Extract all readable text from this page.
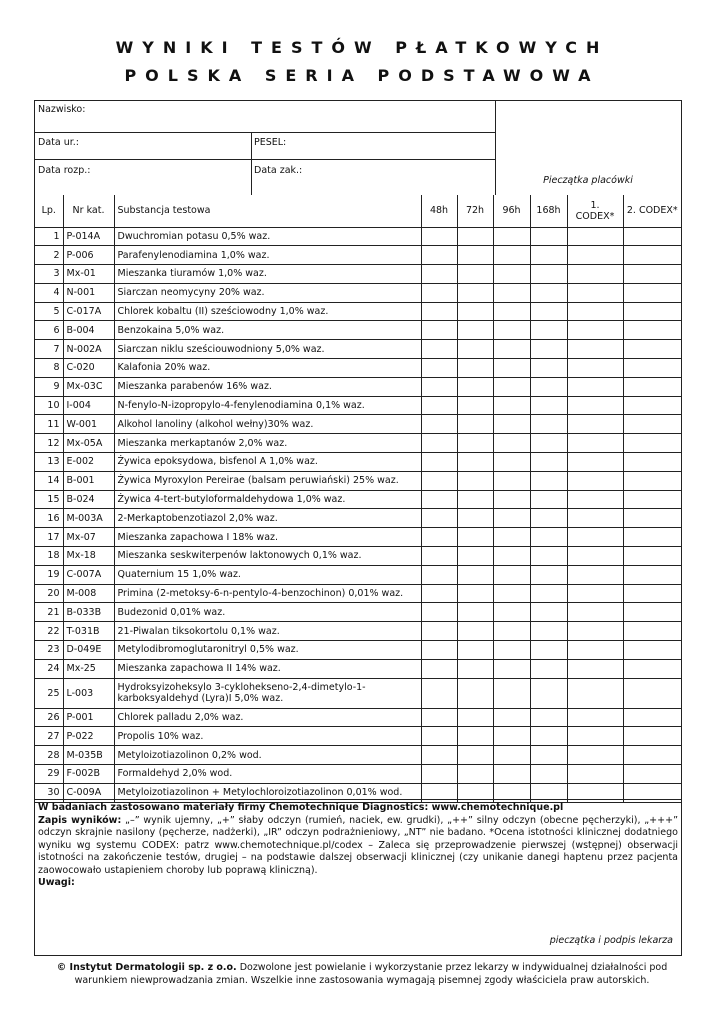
WYNIKI TESTÓW PŁATKOWYCH
POLSKA SERIA PODSTAWOWA
Nazwisko:
Data ur.:	PESEL:
Data rozp.:	Data zak.:
Pieczątka placówki
Lp.	Nr kat.	Substancja testowa	48h	72h	96h	168h	1. CODEX*	2. CODEX*
1	P-014A	Dwuchromian potasu 0,5% waz.						
2	P-006	Parafenylenodiamina 1,0% waz.						
3	Mx-01	Mieszanka tiuramów 1,0% waz.						
4	N-001	Siarczan neomycyny 20% waz.						
5	C-017A	Chlorek kobaltu (II) sześciowodny 1,0% waz.						
6	B-004	Benzokaina 5,0% waz.						
7	N-002A	Siarczan niklu sześciouwodniony 5,0% waz.						
8	C-020	Kalafonia 20% waz.						
9	Mx-03C	Mieszanka parabenów 16% waz.						
10	I-004	N-fenylo-N-izopropylo-4-fenylenodiamina 0,1% waz.						
11	W-001	Alkohol lanoliny (alkohol wełny)30% waz.						
12	Mx-05A	Mieszanka merkaptanów 2,0% waz.						
13	E-002	Żywica epoksydowa, bisfenol A 1,0% waz.						
14	B-001	Żywica Myroxylon Pereirae (balsam peruwiański) 25% waz.						
15	B-024	Żywica 4-tert-butyloformaldehydowa 1,0% waz.						
16	M-003A	2-Merkaptobenzotiazol 2,0% waz.						
17	Mx-07	Mieszanka zapachowa I 18% waz.						
18	Mx-18	Mieszanka seskwiterpenów laktonowych 0,1% waz.						
19	C-007A	Quaternium 15 1,0% waz.						
20	M-008	Primina (2-metoksy-6-n-pentylo-4-benzochinon) 0,01% waz.						
21	B-033B	Budezonid 0,01% waz.						
22	T-031B	21-Piwalan tiksokortolu 0,1% waz.						
23	D-049E	Metylodibromoglutaronitryl 0,5% waz.						
24	Mx-25	Mieszanka zapachowa II 14% waz.						
25	L-003	Hydroksyizoheksylo 3-cykloheksenо-2,4-dimetylo-1-karboksyaldehyd (Lyra)I 5,0% waz.						
26	P-001	Chlorek palladu 2,0% waz.						
27	P-022	Propolis 10% waz.						
28	M-035B	Metyloizotiazolinon 0,2% wod.						
29	F-002B	Formaldehyd 2,0% wod.						
30	C-009A	Metyloizotiazolinon + Metylochloroizotiazolinon 0,01% wod.						

W badaniach zastosowano materiały firmy Chemotechnique Diagnostics: www.chemotechnique.pl

Zapis wyników: „–” wynik ujemny, „+” słaby odczyn (rumień, naciek, ew. grudki), „++” silny odczyn (obecne pęcherzyki), „+++” odczyn skrajnie nasilony (pęcherze, nadżerki), „IR” odczyn podrażnieniowy, „NT” nie badano. *Ocena istotności klinicznej dodatniego wyniku wg systemu CODEX: patrz www.chemotechnique.pl/codex – Zaleca się przeprowadzenie pierwszej (wstępnej) obserwacji istotności na zakończenie testów, drugiej – na podstawie dalszej obserwacji klinicznej (czy unikanie danegi haptenu przez pacjenta zaowocowało ustapieniem choroby lub poprawą kliniczną).

Uwagi:

pieczątka i podpis lekarza
© Instytut Dermatologii sp. z o.o. Dozwolone jest powielanie i wykorzystanie przez lekarzy w indywidualnej działalności pod warunkiem niewprowadzania zmian. Wszelkie inne zastosowania wymagają pisemnej zgody właściciela praw autorskich.
